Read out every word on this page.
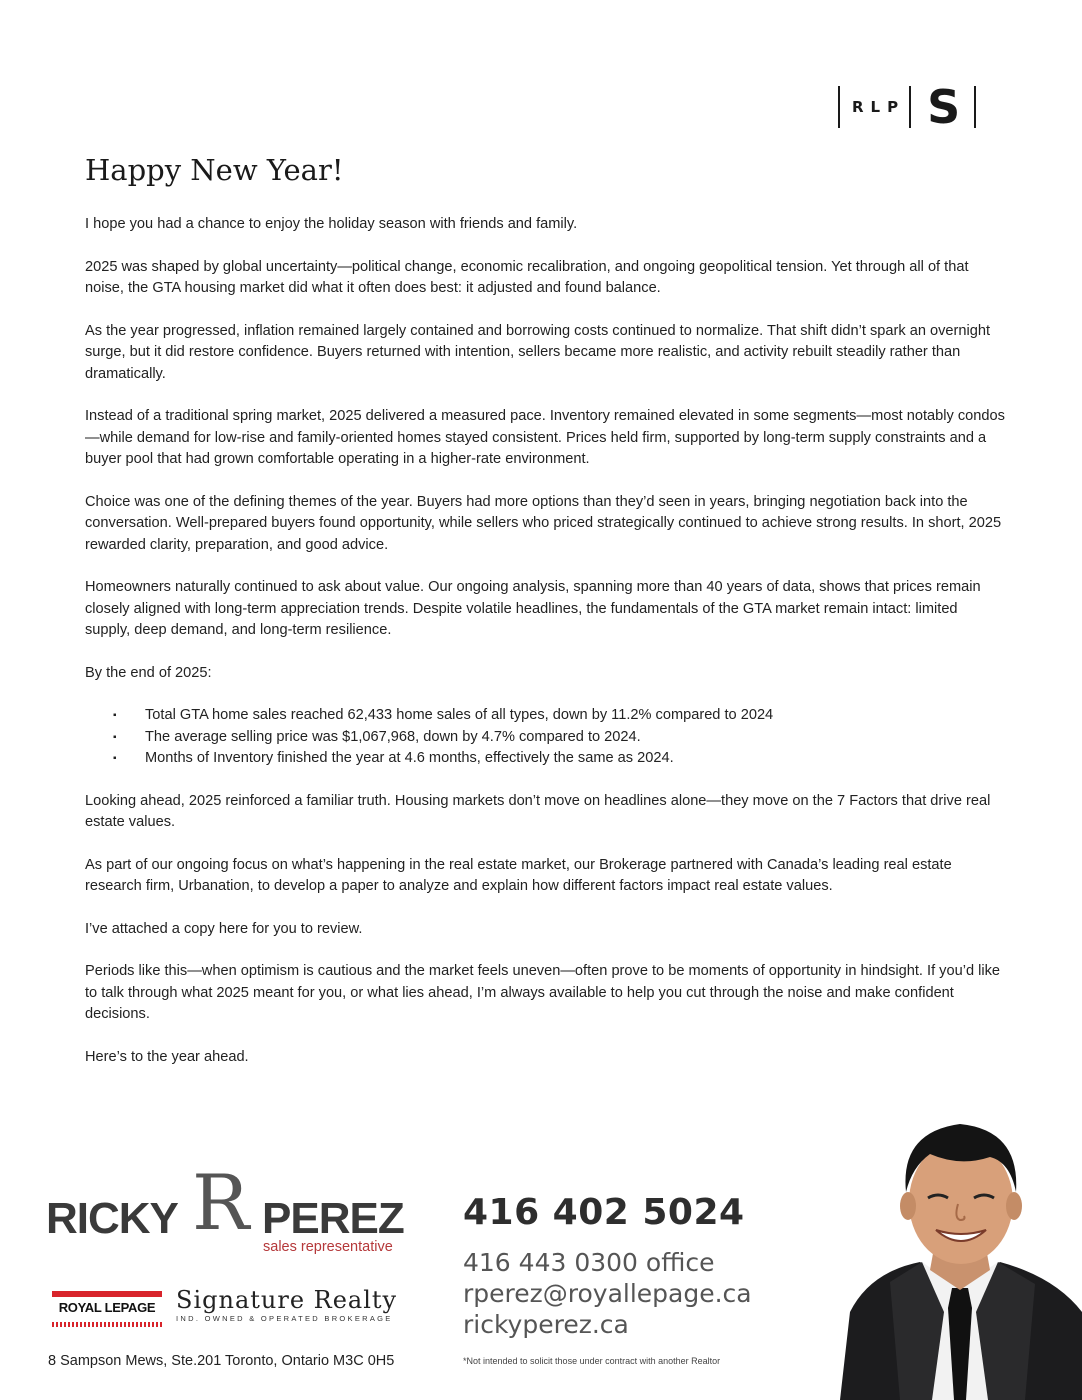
RLP S
Happy New Year!

I hope you had a chance to enjoy the holiday season with friends and family.

2025 was shaped by global uncertainty—political change, economic recalibration, and ongoing geopolitical tension. Yet through all of that noise, the GTA housing market did what it often does best: it adjusted and found balance.

As the year progressed, inflation remained largely contained and borrowing costs continued to normalize. That shift didn’t spark an overnight surge, but it did restore confidence. Buyers returned with intention, sellers became more realistic, and activity rebuilt steadily rather than dramatically.

Instead of a traditional spring market, 2025 delivered a measured pace. Inventory remained elevated in some segments—most notably condos—while demand for low-rise and family-oriented homes stayed consistent. Prices held firm, supported by long-term supply constraints and a buyer pool that had grown comfortable operating in a higher-rate environment.

Choice was one of the defining themes of the year. Buyers had more options than they’d seen in years, bringing negotiation back into the conversation. Well-prepared buyers found opportunity, while sellers who priced strategically continued to achieve strong results. In short, 2025 rewarded clarity, preparation, and good advice.

Homeowners naturally continued to ask about value. Our ongoing analysis, spanning more than 40 years of data, shows that prices remain closely aligned with long-term appreciation trends. Despite volatile headlines, the fundamentals of the GTA market remain intact: limited supply, deep demand, and long-term resilience.

By the end of 2025:

▪ Total GTA home sales reached 62,433 home sales of all types, down by 11.2% compared to 2024
▪ The average selling price was $1,067,968, down by 4.7% compared to 2024.
▪ Months of Inventory finished the year at 4.6 months, effectively the same as 2024.

Looking ahead, 2025 reinforced a familiar truth. Housing markets don’t move on headlines alone—they move on the 7 Factors that drive real estate values.

As part of our ongoing focus on what’s happening in the real estate market, our Brokerage partnered with Canada’s leading real estate research firm, Urbanation, to develop a paper to analyze and explain how different factors impact real estate values.

I’ve attached a copy here for you to review.

Periods like this—when optimism is cautious and the market feels uneven—often prove to be moments of opportunity in hindsight. If you’d like to talk through what 2025 meant for you, or what lies ahead, I’m always available to help you cut through the noise and make confident decisions.

Here’s to the year ahead.

R
RICKY PEREZ
sales representative
ROYAL LEPAGE Signature Realty
IND. OWNED & OPERATED BROKERAGE
8 Sampson Mews, Ste.201 Toronto, Ontario M3C 0H5
416 402 5024
416 443 0300 office
rperez@royallepage.ca
rickyperez.ca
*Not intended to solicit those under contract with another Realtor
